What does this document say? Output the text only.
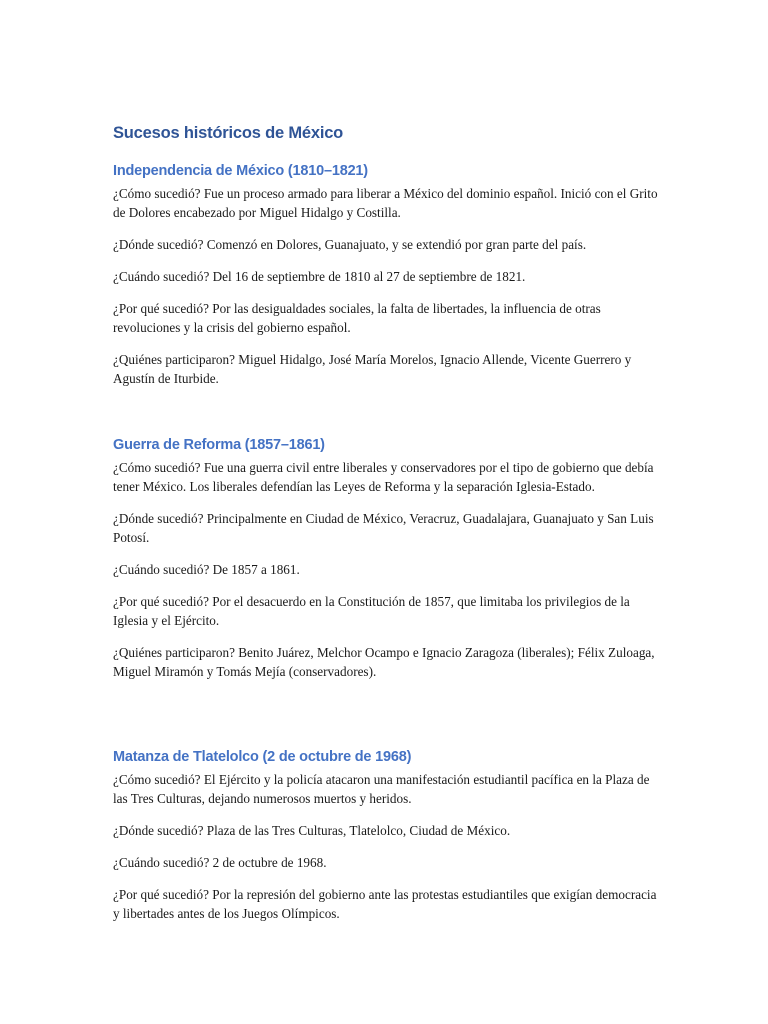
Sucesos históricos de México
Independencia de México (1810–1821)

¿Cómo sucedió? Fue un proceso armado para liberar a México del dominio español. Inició con el Grito de Dolores encabezado por Miguel Hidalgo y Costilla.

¿Dónde sucedió? Comenzó en Dolores, Guanajuato, y se extendió por gran parte del país.

¿Cuándo sucedió? Del 16 de septiembre de 1810 al 27 de septiembre de 1821.

¿Por qué sucedió? Por las desigualdades sociales, la falta de libertades, la influencia de otras revoluciones y la crisis del gobierno español.

¿Quiénes participaron? Miguel Hidalgo, José María Morelos, Ignacio Allende, Vicente Guerrero y Agustín de Iturbide.

Guerra de Reforma (1857–1861)

¿Cómo sucedió? Fue una guerra civil entre liberales y conservadores por el tipo de gobierno que debía tener México. Los liberales defendían las Leyes de Reforma y la separación Iglesia-Estado.

¿Dónde sucedió? Principalmente en Ciudad de México, Veracruz, Guadalajara, Guanajuato y San Luis Potosí.

¿Cuándo sucedió? De 1857 a 1861.

¿Por qué sucedió? Por el desacuerdo en la Constitución de 1857, que limitaba los privilegios de la Iglesia y el Ejército.

¿Quiénes participaron? Benito Juárez, Melchor Ocampo e Ignacio Zaragoza (liberales); Félix Zuloaga, Miguel Miramón y Tomás Mejía (conservadores).

Matanza de Tlatelolco (2 de octubre de 1968)

¿Cómo sucedió? El Ejército y la policía atacaron una manifestación estudiantil pacífica en la Plaza de las Tres Culturas, dejando numerosos muertos y heridos.

¿Dónde sucedió? Plaza de las Tres Culturas, Tlatelolco, Ciudad de México.

¿Cuándo sucedió? 2 de octubre de 1968.

¿Por qué sucedió? Por la represión del gobierno ante las protestas estudiantiles que exigían democracia y libertades antes de los Juegos Olímpicos.
